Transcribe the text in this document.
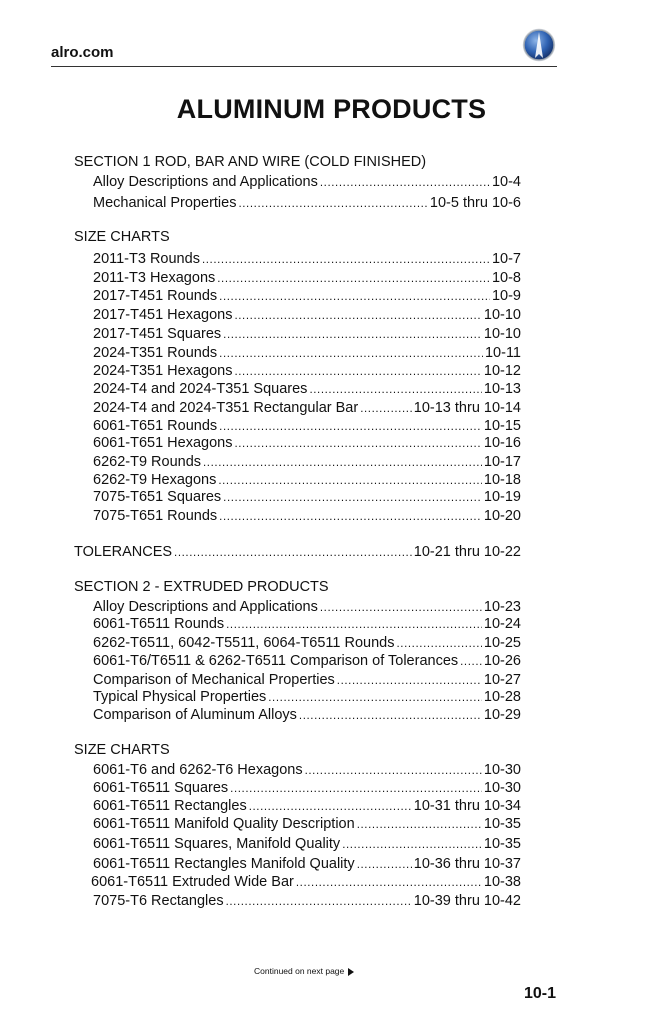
alro.com
ALUMINUM PRODUCTS
SECTION 1 ROD, BAR AND WIRE (COLD FINISHED)
Alloy Descriptions and Applications .....	10-4
Mechanical Properties .....	10-5 thru 10-6
SIZE CHARTS
2011-T3 Rounds .....	10-7
2011-T3 Hexagons .....	10-8
2017-T451 Rounds .....	10-9
2017-T451 Hexagons .....	10-10
2017-T451 Squares .....	10-10
2024-T351 Rounds .....	10-11
2024-T351 Hexagons .....	10-12
2024-T4 and 2024-T351 Squares .....	10-13
2024-T4 and 2024-T351 Rectangular Bar .....	10-13 thru 10-14
6061-T651 Rounds .....	10-15
6061-T651 Hexagons .....	10-16
6262-T9 Rounds .....	10-17
6262-T9 Hexagons .....	10-18
7075-T651 Squares .....	10-19
7075-T651 Rounds .....	10-20
TOLERANCES .....	10-21 thru 10-22
SECTION 2 - EXTRUDED PRODUCTS
Alloy Descriptions and Applications .....	10-23
6061-T6511 Rounds .....	10-24
6262-T6511, 6042-T5511, 6064-T6511 Rounds .....	10-25
6061-T6/T6511 & 6262-T6511 Comparison of Tolerances ..... 10-26
Comparison of Mechanical Properties .....	10-27
Typical Physical Properties .....	10-28
Comparison of Aluminum Alloys .....	10-29
SIZE CHARTS
6061-T6 and 6262-T6 Hexagons .....	10-30
6061-T6511 Squares .....	10-30
6061-T6511 Rectangles .....	10-31 thru 10-34
6061-T6511 Manifold Quality Description .....	10-35
6061-T6511 Squares, Manifold Quality .....	10-35
6061-T6511 Rectangles Manifold Quality .....	10-36 thru 10-37
6061-T6511 Extruded Wide Bar .....	10-38
7075-T6 Rectangles .....	10-39 thru 10-42
Continued on next page
10-1
